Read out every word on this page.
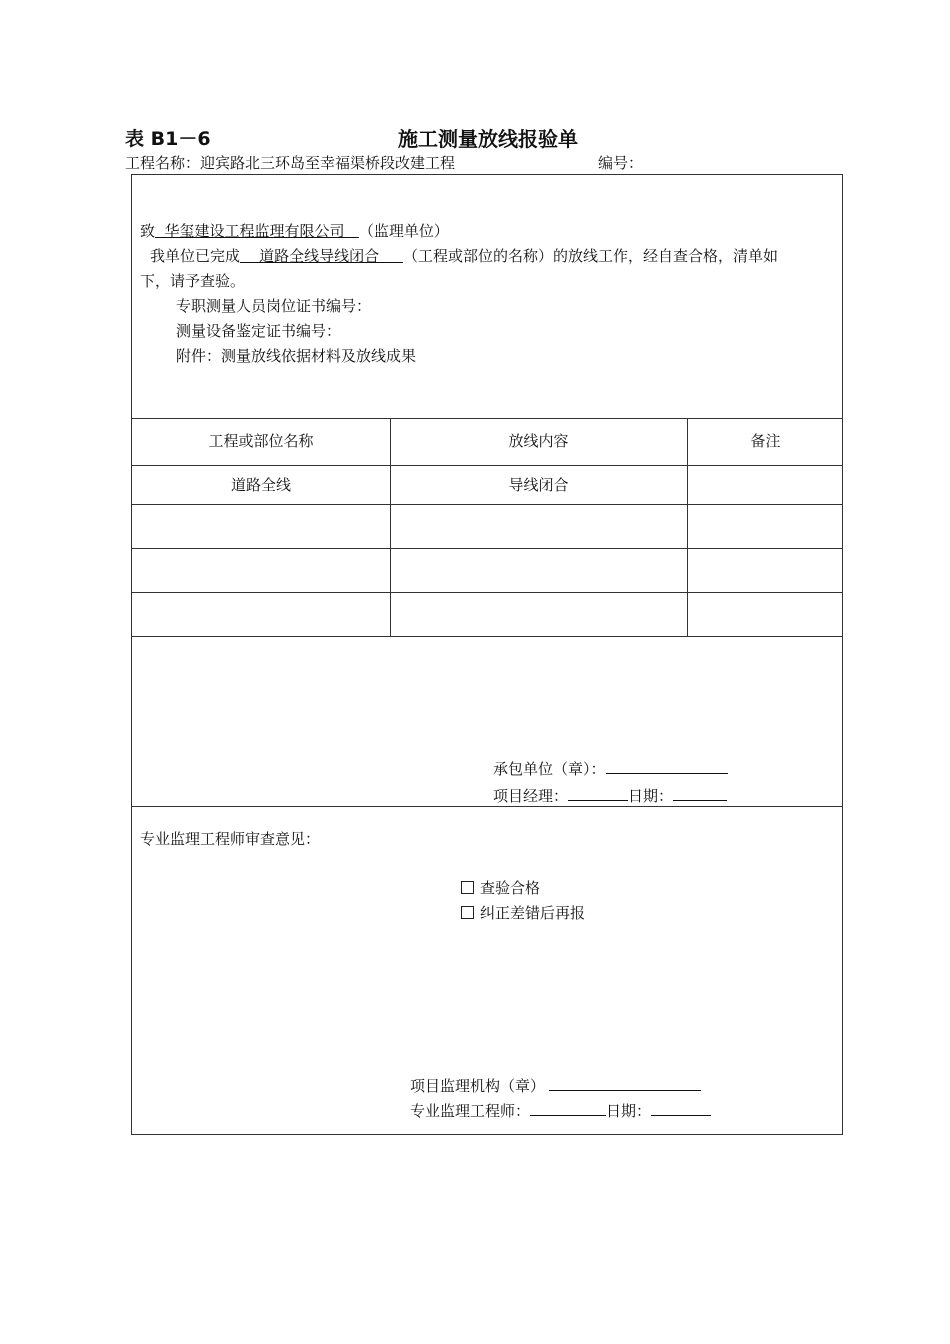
表 B1－6	施工测量放线报验单
工程名称：迎宾路北三环岛至幸福渠桥段改建工程	编号：
致  华玺建设工程监理有限公司   （监理单位）
我单位已完成    道路全线导线闭合     （工程或部位的名称）的放线工作，经自查合格，清单如
下，请予查验。
专职测量人员岗位证书编号：
测量设备鉴定证书编号：
附件：测量放线依据材料及放线成果
工程或部位名称	放线内容	备注
道路全线	导线闭合
承包单位（章）：
项目经理：	日期：
专业监理工程师审查意见：
查验合格
纠正差错后再报
项目监理机构（章）
专业监理工程师：	日期：
